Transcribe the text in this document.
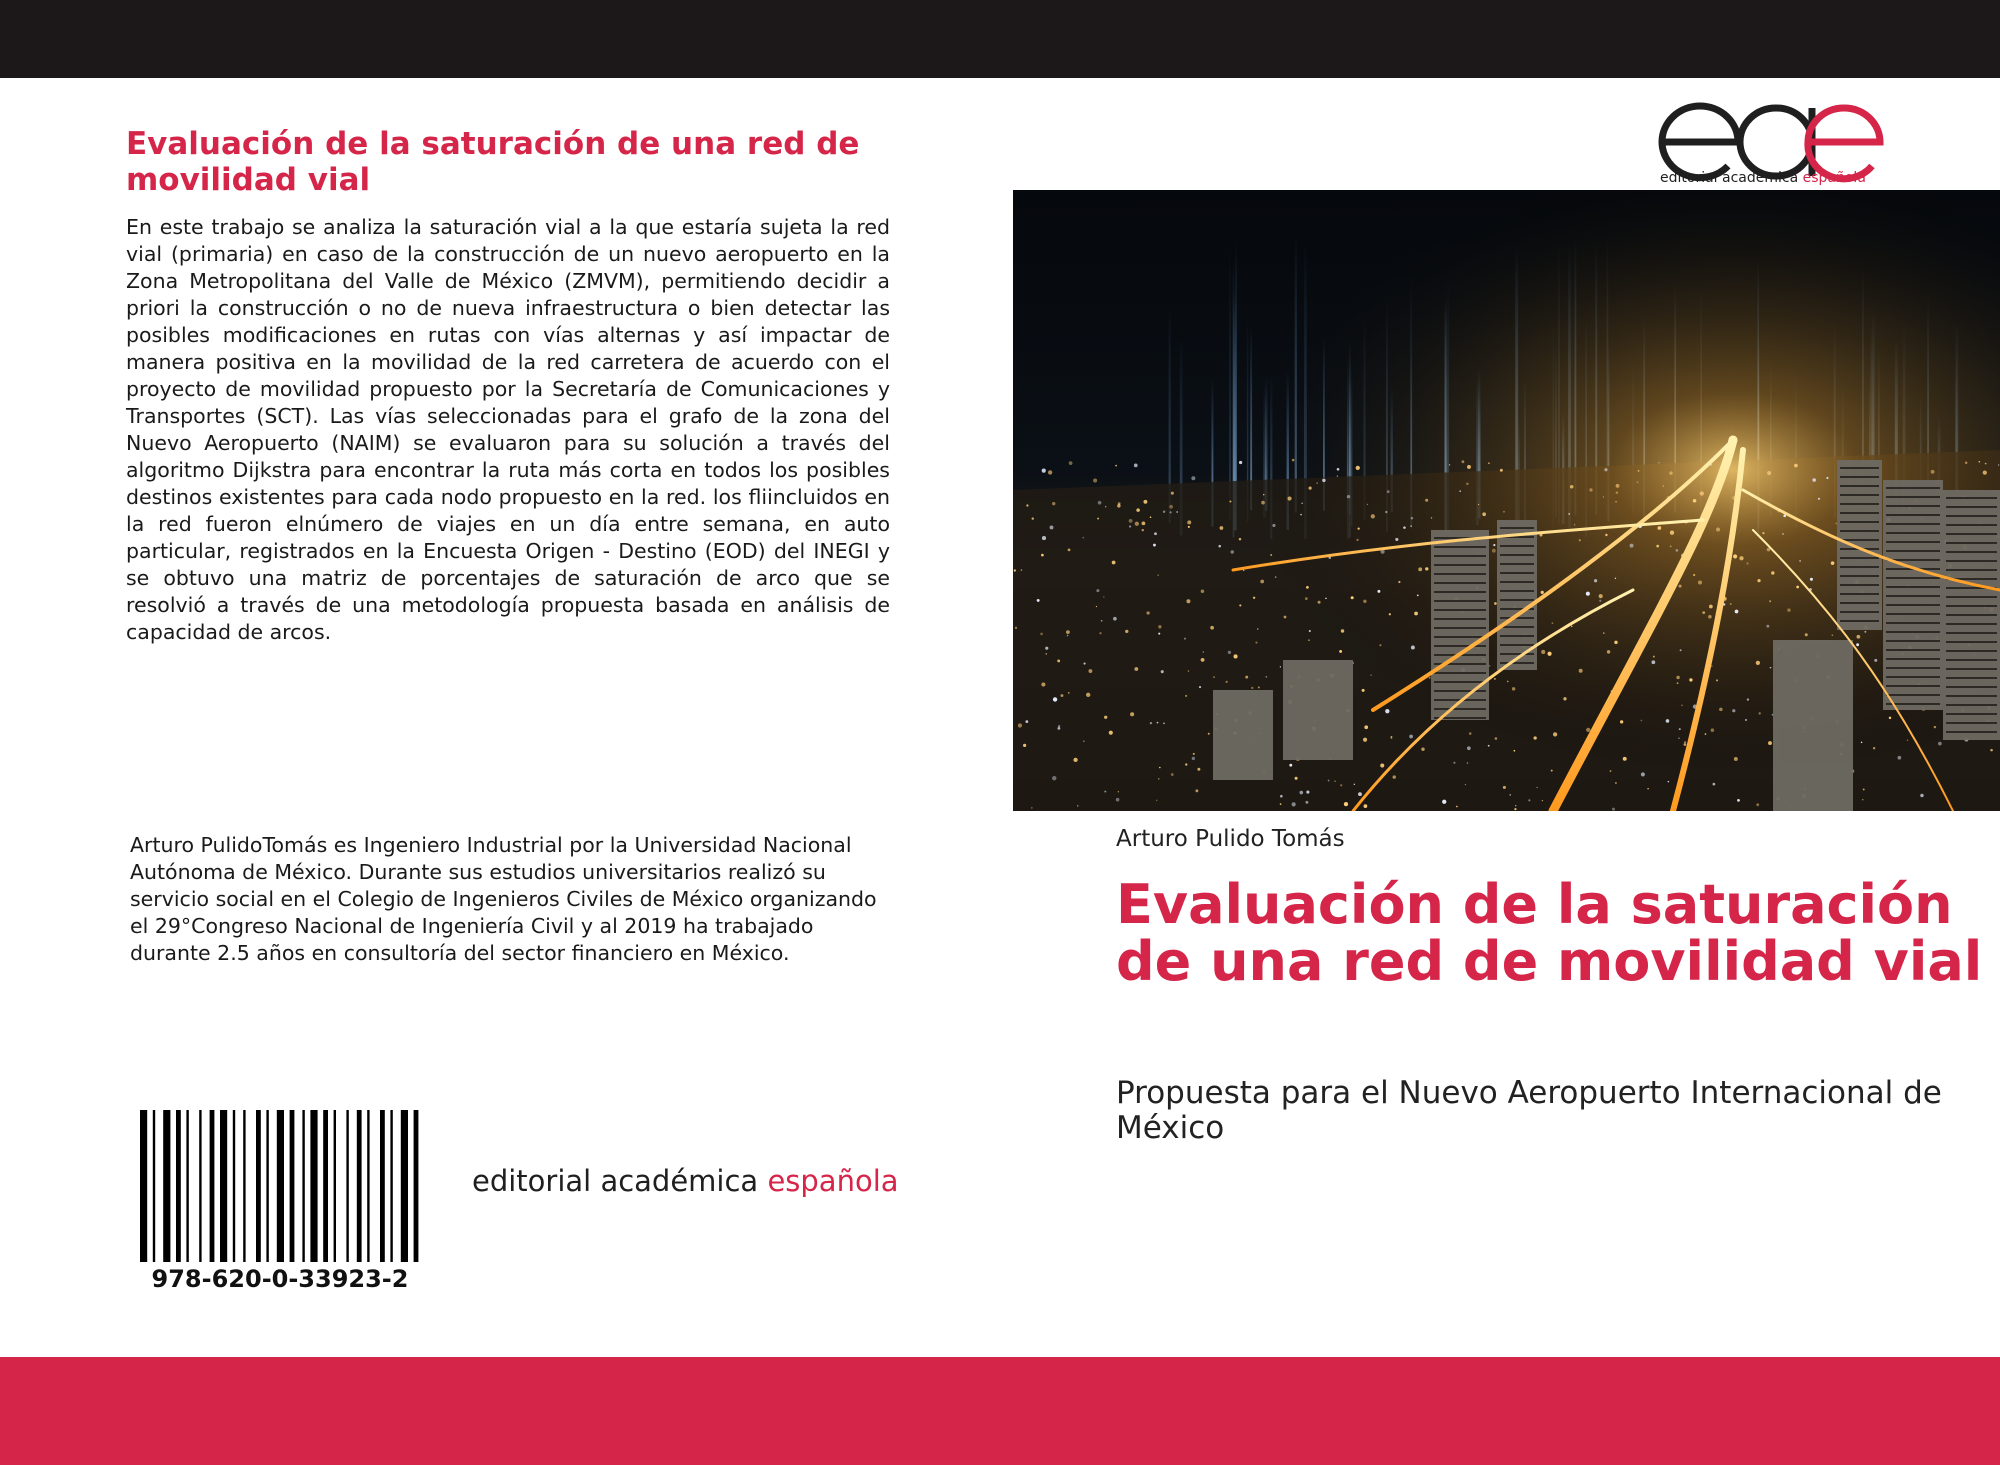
Evaluación de la saturación de una red de movilidad vial

En este trabajo se analiza la saturación vial a la que estaría sujeta la red vial (primaria) en caso de la construcción de un nuevo aeropuerto en la Zona Metropolitana del Valle de México (ZMVM), permitiendo decidir a priori la construcción o no de nueva infraestructura o bien detectar las posibles modificaciones en rutas con vías alternas y así impactar de manera positiva en la movilidad de la red carretera de acuerdo con el proyecto de movilidad propuesto por la Secretaría de Comunicaciones y Transportes (SCT). Las vías seleccionadas para el grafo de la zona del Nuevo Aeropuerto (NAIM) se evaluaron para su solución a través del algoritmo Dijkstra para encontrar la ruta más corta en todos los posibles destinos existentes para cada nodo propuesto en la red. los fliincluidos en la red fueron elnúmero de viajes en un día entre semana, en auto particular, registrados en la Encuesta Origen - Destino (EOD) del INEGI y se obtuvo una matriz de porcentajes de saturación de arco que se resolvió a través de una metodología propuesta basada en análisis de capacidad de arcos.

Arturo PulidoTomás es Ingeniero Industrial por la Universidad Nacional Autónoma de México. Durante sus estudios universitarios realizó su servicio social en el Colegio de Ingenieros Civiles de México organizando el 29°Congreso Nacional de Ingeniería Civil y al 2019 ha trabajado durante 2.5 años en consultoría del sector financiero en México.

978-620-0-33923-2
editorial académica española
editorial académica española
Arturo Pulido Tomás
Evaluación de la saturación de una red de movilidad vial

Propuesta para el Nuevo Aeropuerto Internacional de México
